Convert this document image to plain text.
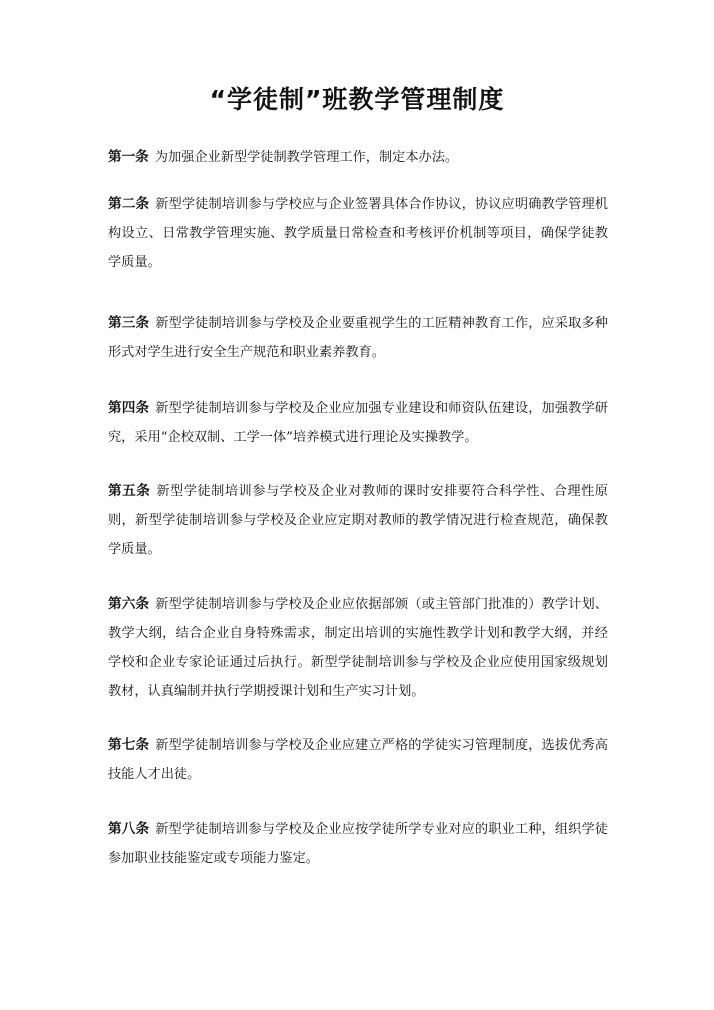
“学徒制”班教学管理制度
第一条 为加强企业新型学徒制教学管理工作，制定本办法。
第二条 新型学徒制培训参与学校应与企业签署具体合作协议，协议应明确教学管理机构设立、日常教学管理实施、教学质量日常检查和考核评价机制等项目，确保学徒教学质量。
第三条 新型学徒制培训参与学校及企业要重视学生的工匠精神教育工作，应采取多种形式对学生进行安全生产规范和职业素养教育。
第四条 新型学徒制培训参与学校及企业应加强专业建设和师资队伍建设，加强教学研究，采用“企校双制、工学一体”培养模式进行理论及实操教学。
第五条 新型学徒制培训参与学校及企业对教师的课时安排要符合科学性、合理性原则，新型学徒制培训参与学校及企业应定期对教师的教学情况进行检查规范，确保教学质量。
第六条 新型学徒制培训参与学校及企业应依据部颁（或主管部门批准的）教学计划、教学大纲，结合企业自身特殊需求，制定出培训的实施性教学计划和教学大纲，并经学校和企业专家论证通过后执行。新型学徒制培训参与学校及企业应使用国家级规划教材，认真编制并执行学期授课计划和生产实习计划。
第七条 新型学徒制培训参与学校及企业应建立严格的学徒实习管理制度，选拔优秀高技能人才出徒。
第八条 新型学徒制培训参与学校及企业应按学徒所学专业对应的职业工种，组织学徒参加职业技能鉴定或专项能力鉴定。
